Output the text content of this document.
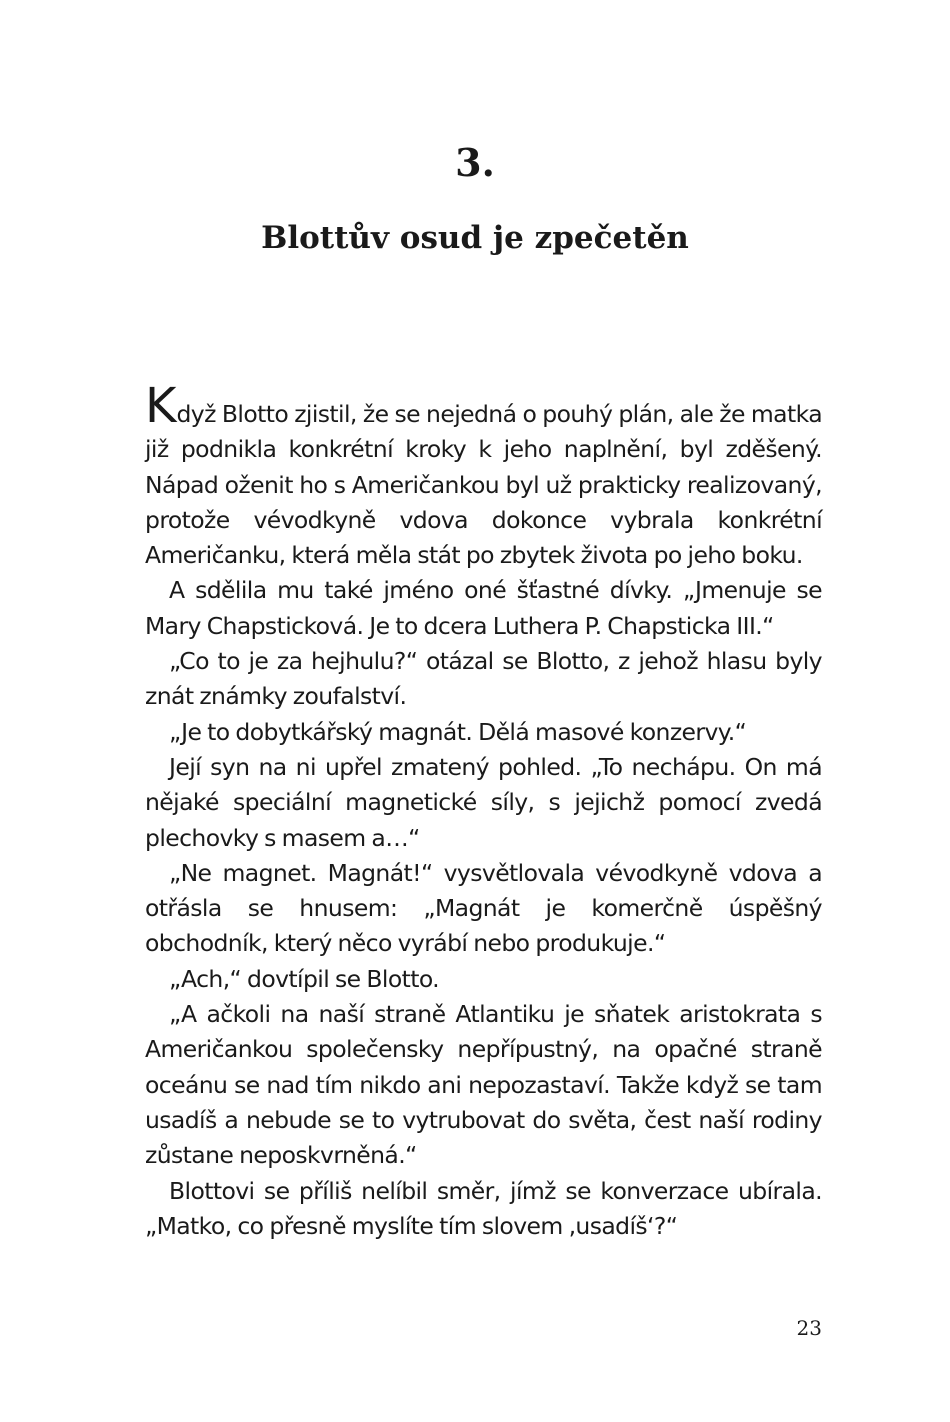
3.
Blottův osud je zpečetěn

Když Blotto zjistil, že se nejedná o pouhý plán, ale že matka již podnikla konkrétní kroky k jeho naplnění, byl zděšený. Nápad oženit ho s Američankou byl už prakticky realizovaný, protože vévodkyně vdova dokonce vybrala konkrétní Američanku, která měla stát po zbytek života po jeho boku.

A sdělila mu také jméno oné šťastné dívky. „Jmenuje se Mary Chapsticková. Je to dcera Luthera P. Chapsticka III.“

„Co to je za hejhulu?“ otázal se Blotto, z jehož hlasu byly znát známky zoufalství.

„Je to dobytkářský magnát. Dělá masové konzervy.“

Její syn na ni upřel zmatený pohled. „To nechápu. On má nějaké speciální magnetické síly, s jejichž pomocí zvedá plechovky s masem a…“

„Ne magnet. Magnát!“ vysvětlovala vévodkyně vdova a otřásla se hnusem: „Magnát je komerčně úspěšný obchodník, který něco vyrábí nebo produkuje.“

„Ach,“ dovtípil se Blotto.

„A ačkoli na naší straně Atlantiku je sňatek aristokrata s Američankou společensky nepřípustný, na opačné straně oceánu se nad tím nikdo ani nepozastaví. Takže když se tam usadíš a nebude se to vytrubovat do světa, čest naší rodiny zůstane neposkvrněná.“

Blottovi se příliš nelíbil směr, jímž se konverzace ubírala. „Matko, co přesně myslíte tím slovem ‚usadíš‘?“

23
